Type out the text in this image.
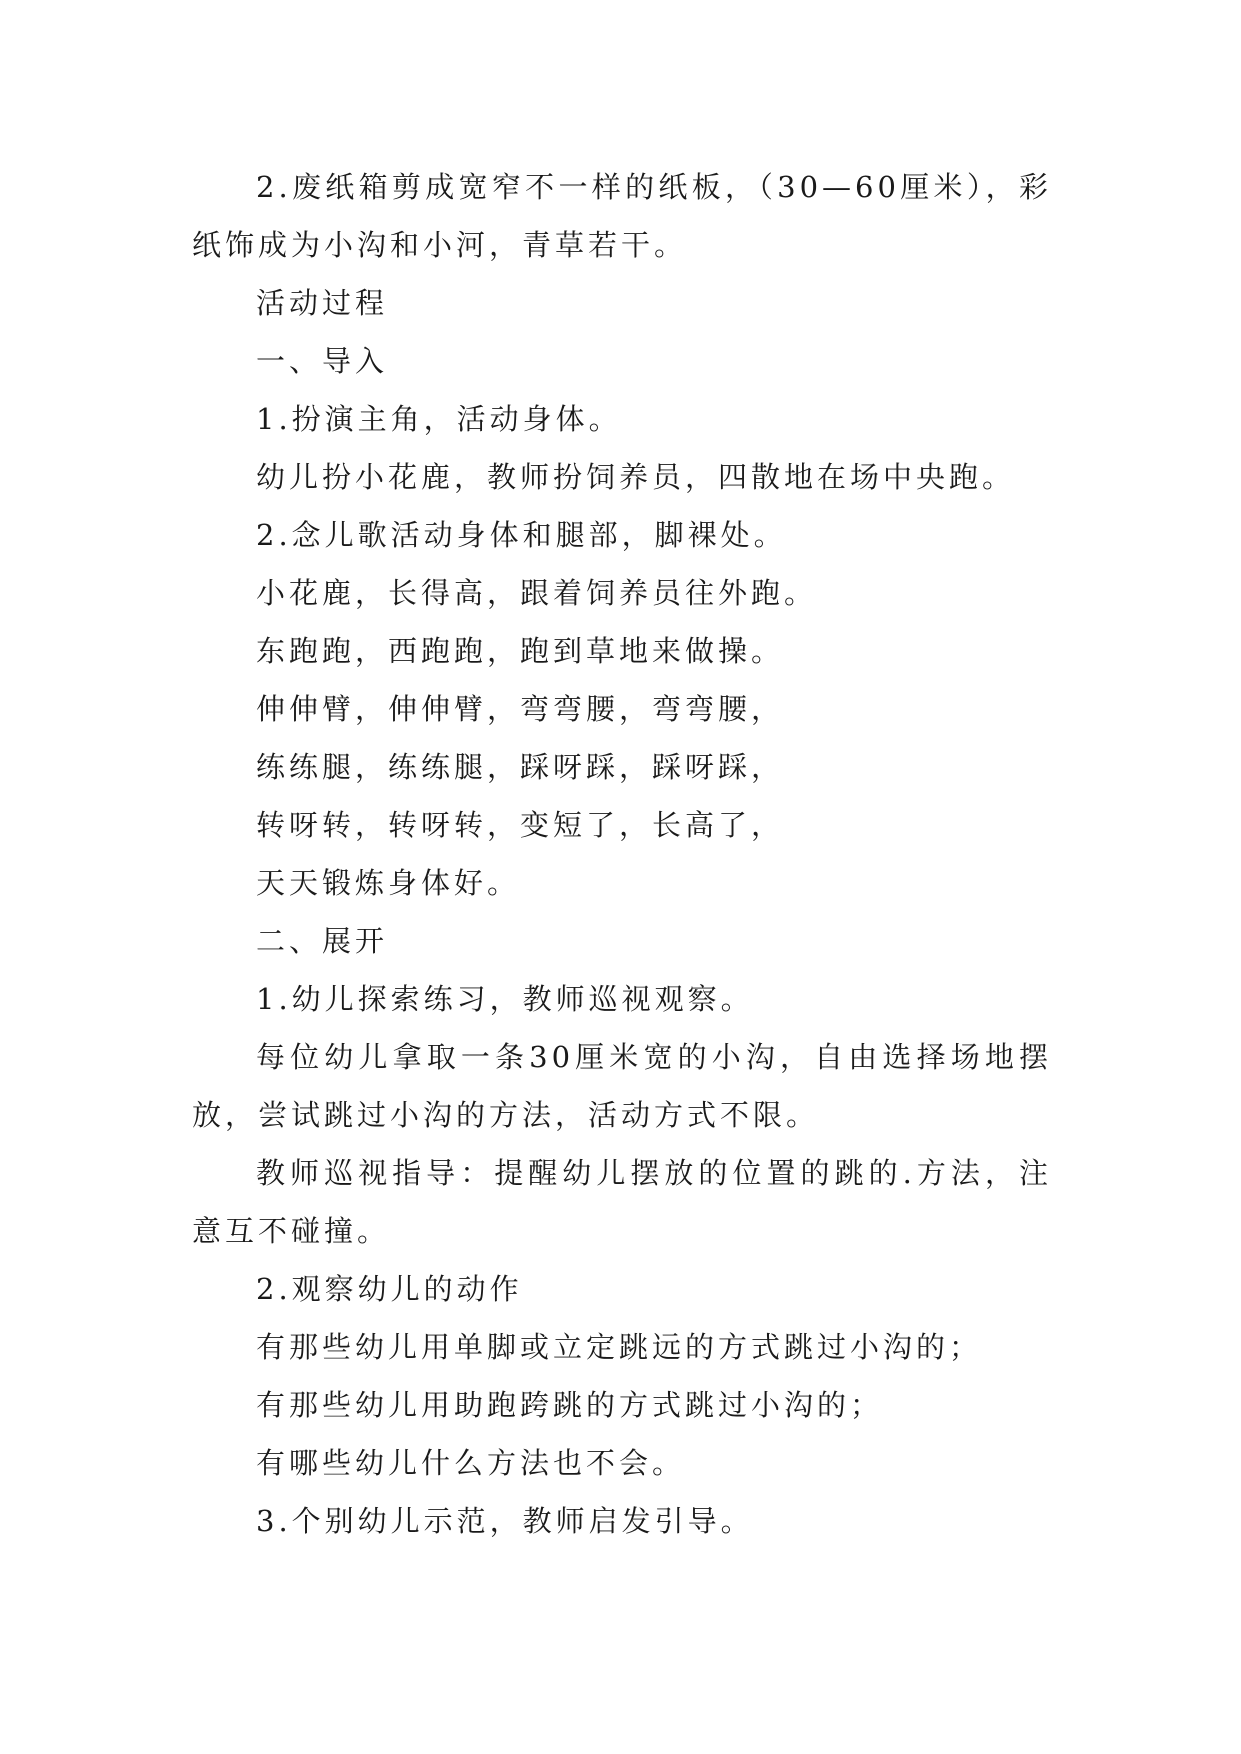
2.废纸箱剪成宽窄不一样的纸板，（30—60厘米），彩纸饰成为小沟和小河，青草若干。

活动过程

一、导入

1.扮演主角，活动身体。

幼儿扮小花鹿，教师扮饲养员，四散地在场中央跑。

2.念儿歌活动身体和腿部，脚裸处。

小花鹿，长得高，跟着饲养员往外跑。

东跑跑，西跑跑，跑到草地来做操。

伸伸臂，伸伸臂，弯弯腰，弯弯腰，

练练腿，练练腿，踩呀踩，踩呀踩，

转呀转，转呀转，变短了，长高了，

天天锻炼身体好。

二、展开

1.幼儿探索练习，教师巡视观察。

每位幼儿拿取一条30厘米宽的小沟，自由选择场地摆放，尝试跳过小沟的方法，活动方式不限。

教师巡视指导：提醒幼儿摆放的位置的跳的.方法，注意互不碰撞。

2.观察幼儿的动作

有那些幼儿用单脚或立定跳远的方式跳过小沟的；

有那些幼儿用助跑跨跳的方式跳过小沟的；

有哪些幼儿什么方法也不会。

3.个别幼儿示范，教师启发引导。
